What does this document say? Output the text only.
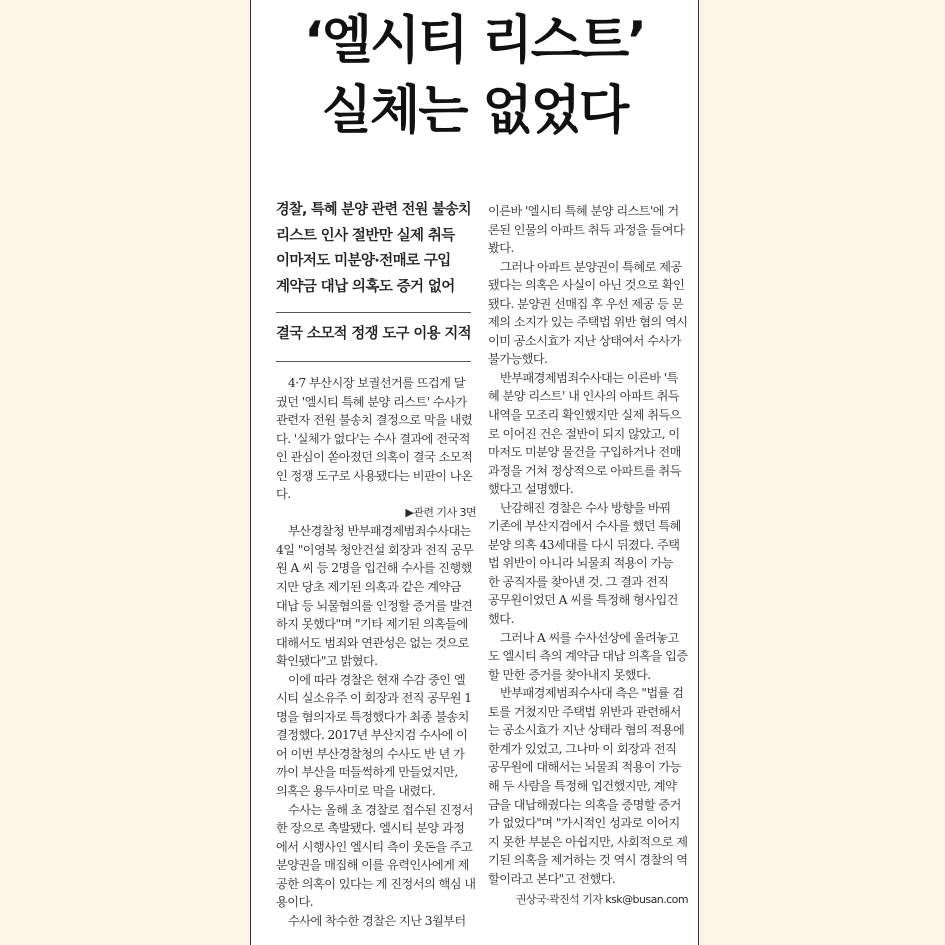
‘엘시티 리스트’
실체는 없었다
경찰, 특혜 분양 관련 전원 불송치
리스트 인사 절반만 실제 취득
이마저도 미분양·전매로 구입
계약금 대납 의혹도 증거 없어
결국 소모적 정쟁 도구 이용 지적
4·7 부산시장 보궐선거를 뜨겁게 달
궜던 '엘시티 특혜 분양 리스트' 수사가
관련자 전원 불송치 결정으로 막을 내렸
다. '실체가 없다'는 수사 결과에 전국적
인 관심이 쏟아졌던 의혹이 결국 소모적
인 정쟁 도구로 사용됐다는 비판이 나온
다.
▶관련 기사 3면
부산경찰청 반부패경제범죄수사대는
4일 "이영복 청안건설 회장과 전직 공무
원 A 씨 등 2명을 입건해 수사를 진행했
지만 당초 제기된 의혹과 같은 계약금
대납 등 뇌물혐의를 인정할 증거를 발견
하지 못했다"며 "기타 제기된 의혹들에
대해서도 범죄와 연관성은 없는 것으로
확인됐다"고 밝혔다.
이에 따라 경찰은 현재 수감 중인 엘
시티 실소유주 이 회장과 전직 공무원 1
명을 혐의자로 특정했다가 최종 불송치
결정했다. 2017년 부산지검 수사에 이
어 이번 부산경찰청의 수사도 반 년 가
까이 부산을 떠들썩하게 만들었지만,
의혹은 용두사미로 막을 내렸다.
수사는 올해 초 경찰로 접수된 진정서
한 장으로 촉발됐다. 엘시티 분양 과정
에서 시행사인 엘시티 측이 웃돈을 주고
분양권을 매집해 이를 유력인사에게 제
공한 의혹이 있다는 게 진정서의 핵심 내
용이다.
수사에 착수한 경찰은 지난 3월부터
이른바 '엘시티 특혜 분양 리스트'에 거
론된 인물의 아파트 취득 과정을 들여다
봤다.
그러나 아파트 분양권이 특혜로 제공
됐다는 의혹은 사실이 아닌 것으로 확인
됐다. 분양권 선매집 후 우선 제공 등 문
제의 소지가 있는 주택법 위반 혐의 역시
이미 공소시효가 지난 상태여서 수사가
불가능했다.
반부패경제범죄수사대는 이른바 '특
혜 분양 리스트' 내 인사의 아파트 취득
내역을 모조리 확인했지만 실제 취득으
로 이어진 건은 절반이 되지 않았고, 이
마저도 미분양 물건을 구입하거나 전매
과정을 거쳐 정상적으로 아파트를 취득
했다고 설명했다.
난감해진 경찰은 수사 방향을 바꿔
기존에 부산지검에서 수사를 했던 특혜
분양 의혹 43세대를 다시 뒤졌다. 주택
법 위반이 아니라 뇌물죄 적용이 가능
한 공직자를 찾아낸 것. 그 결과 전직
공무원이었던 A 씨를 특정해 형사입건
했다.
그러나 A 씨를 수사선상에 올려놓고
도 엘시티 측의 계약금 대납 의혹을 입증
할 만한 증거를 찾아내지 못했다.
반부패경제범죄수사대 측은 "법률 검
토를 거쳤지만 주택법 위반과 관련해서
는 공소시효가 지난 상태라 혐의 적용에
한계가 있었고, 그나마 이 회장과 전직
공무원에 대해서는 뇌물죄 적용이 가능
해 두 사람을 특정해 입건했지만, 계약
금을 대납해줬다는 의혹을 증명할 증거
가 없었다"며 "가시적인 성과로 이어지
지 못한 부분은 아쉽지만, 사회적으로 제
기된 의혹을 제거하는 것 역시 경찰의 역
할이라고 본다"고 전했다.
권상국·곽진석 기자 ksk@busan.com
